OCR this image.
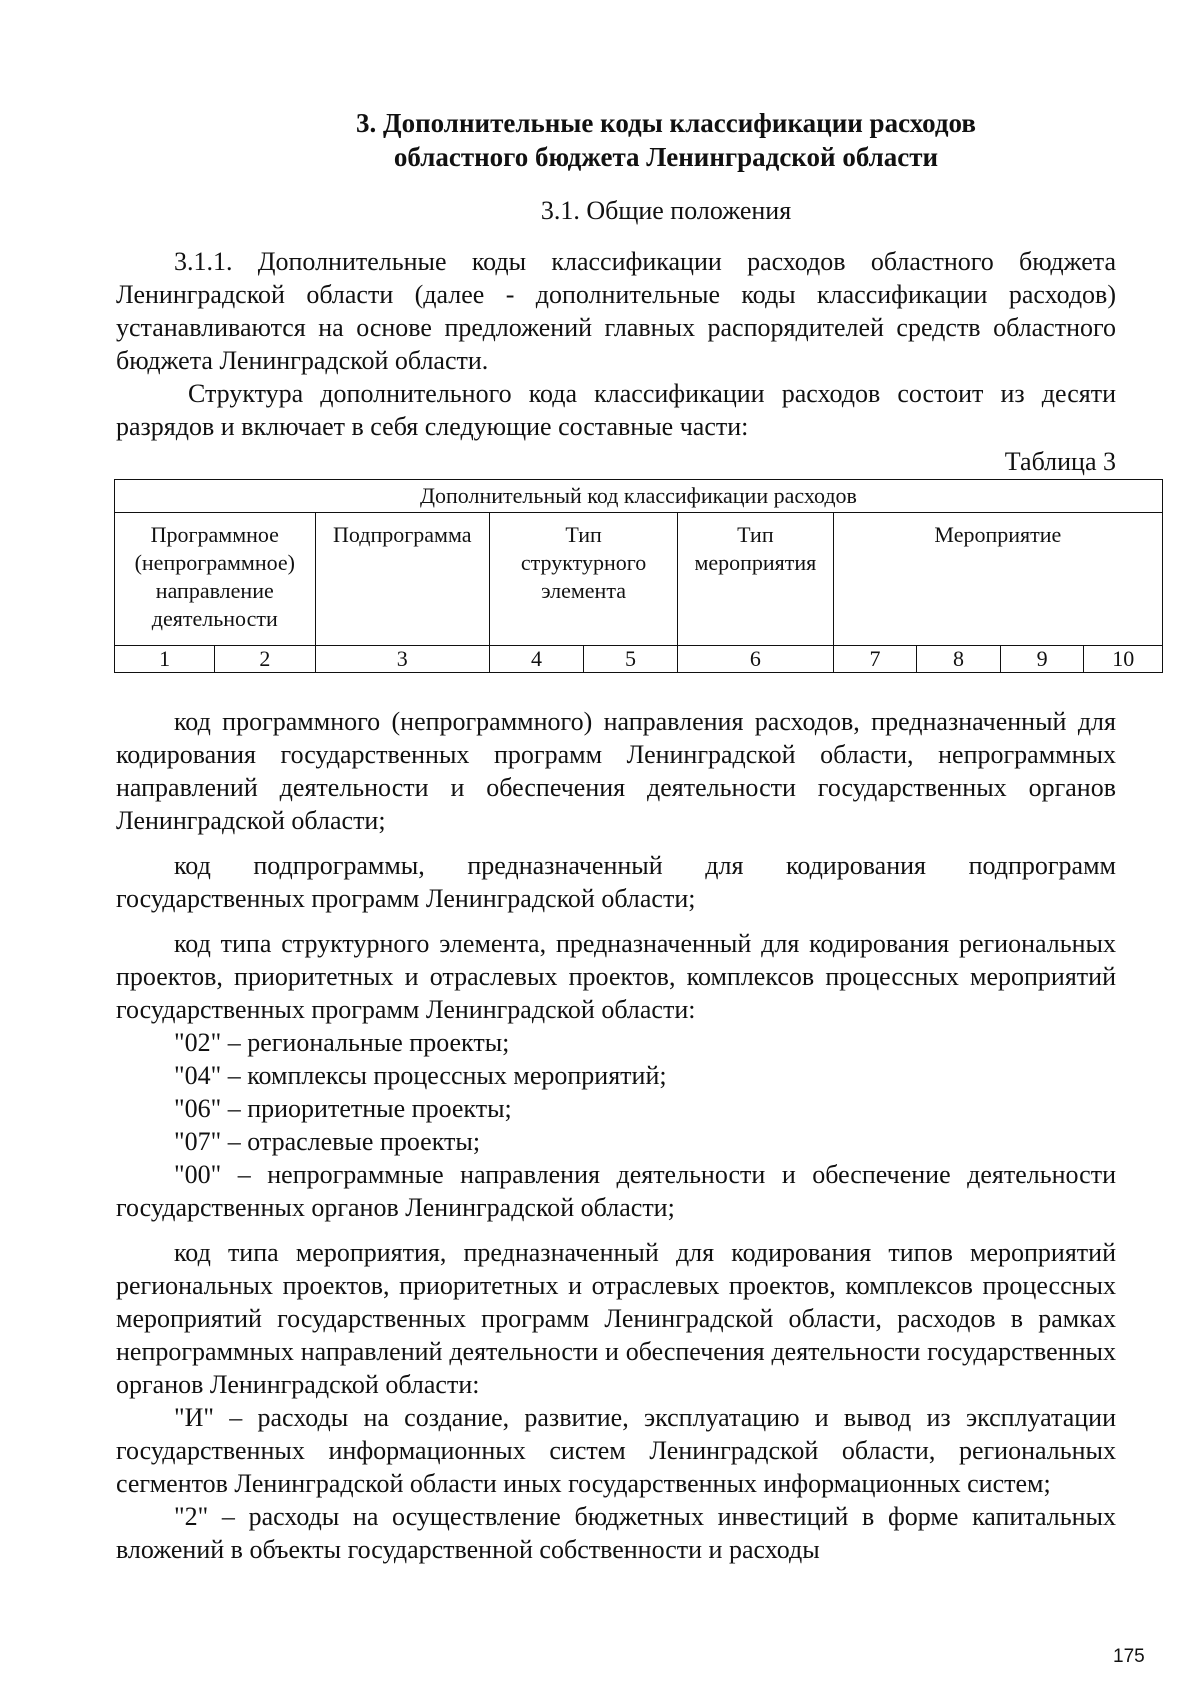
3. Дополнительные коды классификации расходов
областного бюджета Ленинградской области
3.1. Общие положения

3.1.1. Дополнительные коды классификации расходов областного бюджета Ленинградской области (далее - дополнительные коды классификации расходов) устанавливаются на основе предложений главных распорядителей средств областного бюджета Ленинградской области.

Структура дополнительного кода классификации расходов состоит из десяти разрядов и включает в себя следующие составные части:

Таблица 3
Дополнительный код классификации расходов									
Программное (непрограммное) направление деятельности		Подпрограмма	Тип структурного элемента		Тип мероприятия	Мероприятие			
1	2	3	4	5	6	7	8	9	10

код программного (непрограммного) направления расходов, предназначенный для кодирования государственных программ Ленинградской области, непрограммных направлений деятельности и обеспечения деятельности государственных органов Ленинградской области;

код подпрограммы, предназначенный для кодирования подпрограмм государственных программ Ленинградской области;

код типа структурного элемента, предназначенный для кодирования региональных проектов, приоритетных и отраслевых проектов, комплексов процессных мероприятий государственных программ Ленинградской области:

"02" – региональные проекты;

"04" – комплексы процессных мероприятий;

"06" – приоритетные проекты;

"07" – отраслевые проекты;

"00" – непрограммные направления деятельности и обеспечение деятельности государственных органов Ленинградской области;

код типа мероприятия, предназначенный для кодирования типов мероприятий региональных проектов, приоритетных и отраслевых проектов, комплексов процессных мероприятий государственных программ Ленинградской области, расходов в рамках непрограммных направлений деятельности и обеспечения деятельности государственных органов Ленинградской области:

"И" – расходы на создание, развитие, эксплуатацию и вывод из эксплуатации государственных информационных систем Ленинградской области, региональных сегментов Ленинградской области иных государственных информационных систем;

"2" – расходы на осуществление бюджетных инвестиций в форме капитальных вложений в объекты государственной собственности и расходы

175
